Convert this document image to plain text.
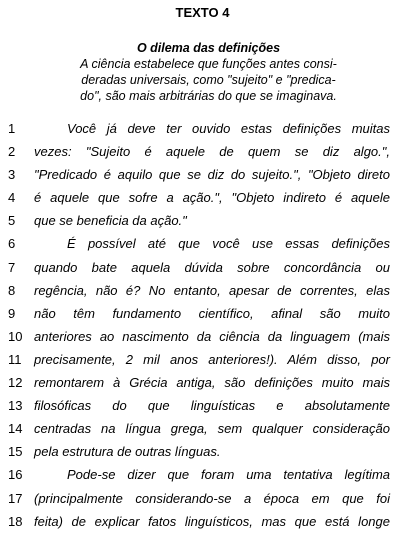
TEXTO 4
O dilema das definições
A ciência estabelece que funções antes consi-
deradas universais, como "sujeito" e "predica-
do", são mais arbitrárias do que se imaginava.
1	Você já deve ter ouvido estas definições muitas
2	vezes: "Sujeito é aquele de quem se diz algo.",
3	"Predicado é aquilo que se diz do sujeito.", "Objeto direto
4	é aquele que sofre a ação.", "Objeto indireto é aquele
5	que se beneficia da ação."
6	É possível até que você use essas definições
7	quando bate aquela dúvida sobre concordância ou
8	regência, não é? No entanto, apesar de correntes, elas
9	não têm fundamento científico, afinal são muito
10 anteriores ao nascimento da ciência da linguagem (mais
11 precisamente, 2 mil anos anteriores!). Além disso, por
12 remontarem à Grécia antiga, são definições muito mais
13 filosóficas do que linguísticas e absolutamente
14 centradas na língua grega, sem qualquer consideração
15 pela estrutura de outras línguas.
16	Pode-se dizer que foram uma tentativa legítima
17 (principalmente considerando-se a época em que foi
18 feita) de explicar fatos linguísticos, mas que está longe
